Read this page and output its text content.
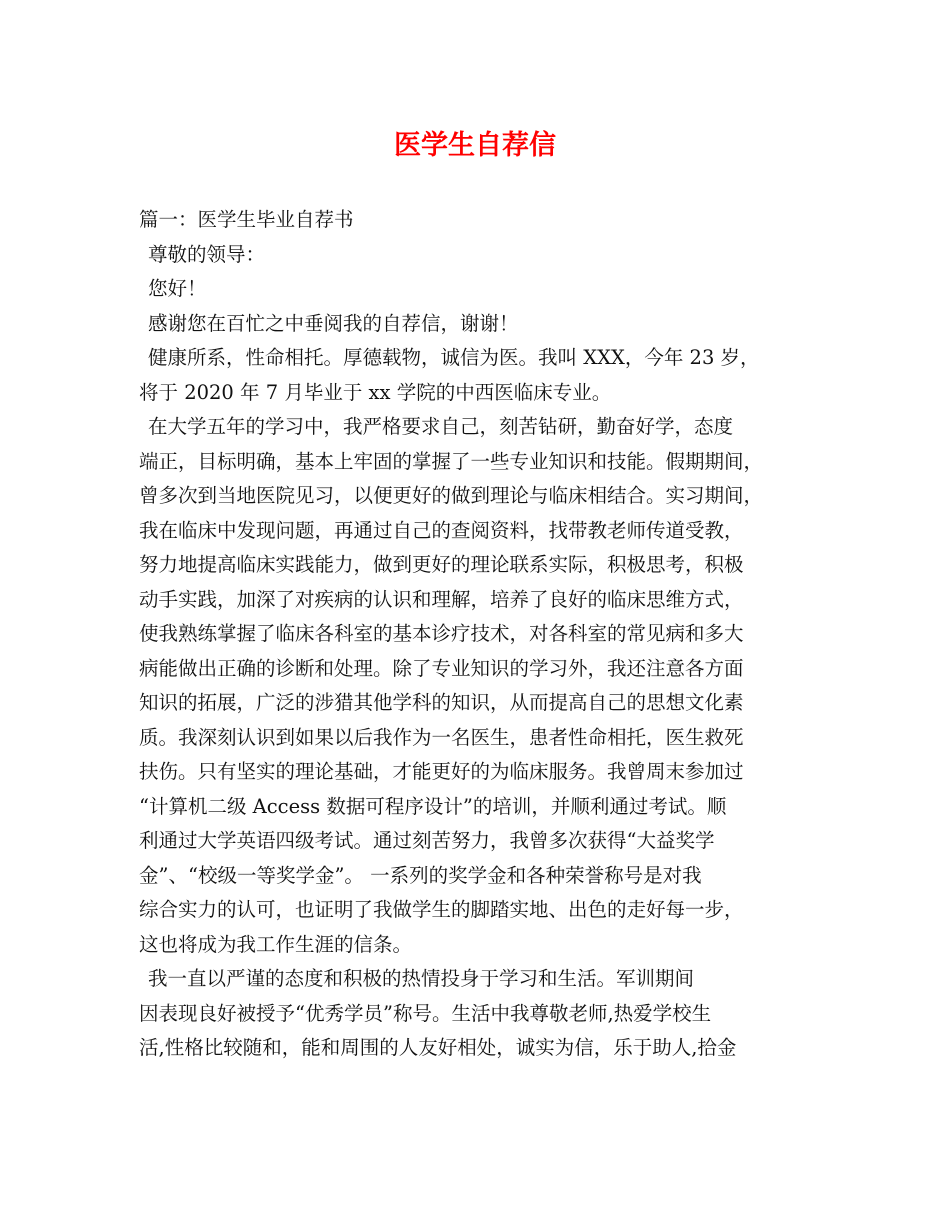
医学生自荐信
篇一：医学生毕业自荐书
尊敬的领导：
您好！
感谢您在百忙之中垂阅我的自荐信，谢谢！
健康所系，性命相托。厚德载物，诚信为医。我叫 XXX，今年 23 岁，
将于 2020 年 7 月毕业于 xx 学院的中西医临床专业。
在大学五年的学习中，我严格要求自己，刻苦钻研，勤奋好学，态度
端正，目标明确，基本上牢固的掌握了一些专业知识和技能。假期期间，
曾多次到当地医院见习，以便更好的做到理论与临床相结合。实习期间，
我在临床中发现问题，再通过自己的查阅资料，找带教老师传道受教，
努力地提高临床实践能力，做到更好的理论联系实际，积极思考，积极
动手实践，加深了对疾病的认识和理解，培养了良好的临床思维方式，
使我熟练掌握了临床各科室的基本诊疗技术，对各科室的常见病和多大
病能做出正确的诊断和处理。除了专业知识的学习外，我还注意各方面
知识的拓展，广泛的涉猎其他学科的知识，从而提高自己的思想文化素
质。我深刻认识到如果以后我作为一名医生，患者性命相托，医生救死
扶伤。只有坚实的理论基础，才能更好的为临床服务。我曾周末参加过
“计算机二级 Access 数据可程序设计”的培训，并顺利通过考试。顺
利通过大学英语四级考试。通过刻苦努力，我曾多次获得“大益奖学
金”、“校级一等奖学金”。 一系列的奖学金和各种荣誉称号是对我
综合实力的认可，也证明了我做学生的脚踏实地、出色的走好每一步，
这也将成为我工作生涯的信条。
我一直以严谨的态度和积极的热情投身于学习和生活。军训期间
因表现良好被授予“优秀学员”称号。生活中我尊敬老师,热爱学校生
活,性格比较随和，能和周围的人友好相处，诚实为信，乐于助人,拾金
